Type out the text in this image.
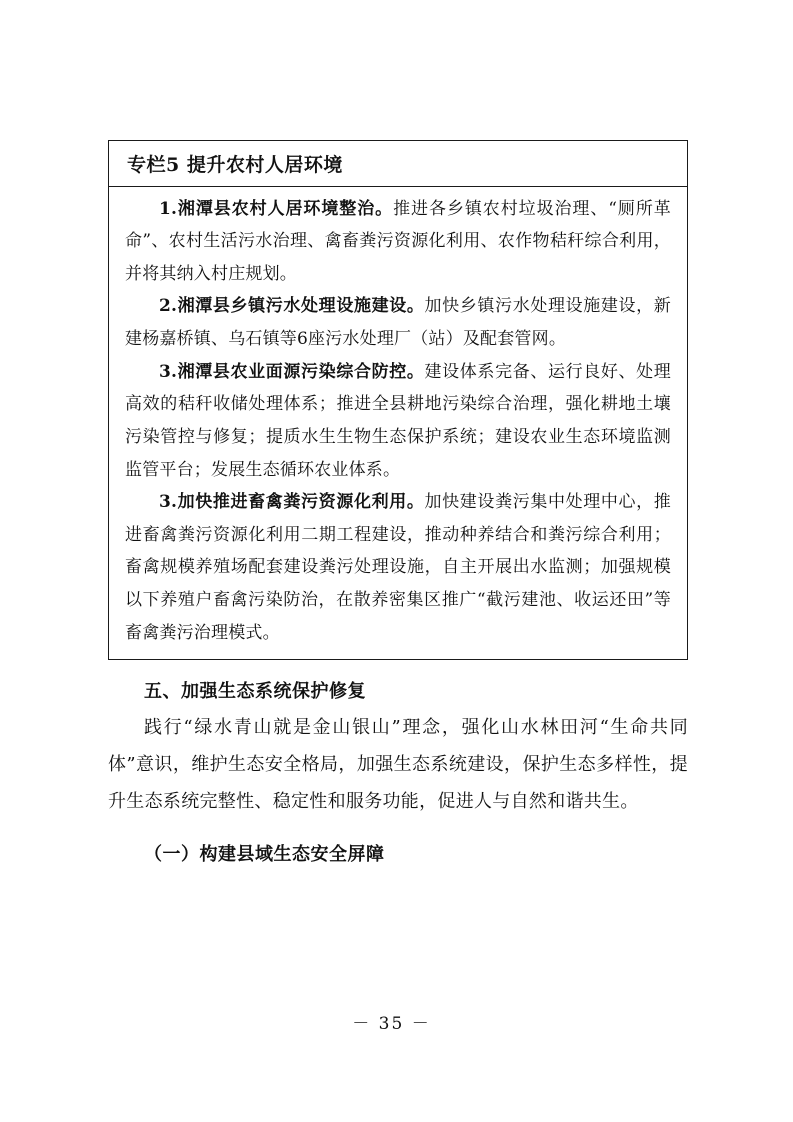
专栏5 提升农村人居环境

1.湘潭县农村人居环境整治。推进各乡镇农村垃圾治理、“厕所革命”、农村生活污水治理、禽畜粪污资源化利用、农作物秸秆综合利用，并将其纳入村庄规划。

2.湘潭县乡镇污水处理设施建设。加快乡镇污水处理设施建设，新建杨嘉桥镇、乌石镇等6座污水处理厂（站）及配套管网。

3.湘潭县农业面源污染综合防控。建设体系完备、运行良好、处理高效的秸秆收储处理体系；推进全县耕地污染综合治理，强化耕地土壤污染管控与修复；提质水生生物生态保护系统；建设农业生态环境监测监管平台；发展生态循环农业体系。

3.加快推进畜禽粪污资源化利用。加快建设粪污集中处理中心，推进畜禽粪污资源化利用二期工程建设，推动种养结合和粪污综合利用；畜禽规模养殖场配套建设粪污处理设施，自主开展出水监测；加强规模以下养殖户畜禽污染防治，在散养密集区推广“截污建池、收运还田”等畜禽粪污治理模式。

五、加强生态系统保护修复

践行“绿水青山就是金山银山”理念，强化山水林田河“生命共同体”意识，维护生态安全格局，加强生态系统建设，保护生态多样性，提升生态系统完整性、稳定性和服务功能，促进人与自然和谐共生。

（一）构建县域生态安全屏障
－ 35 －
